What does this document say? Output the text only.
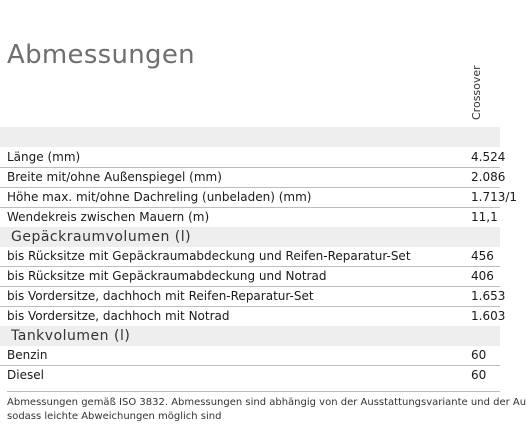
Abmessungen
Crossover
Länge (mm)	4.524
Breite mit/ohne Außenspiegel (mm)	2.086
Höhe max. mit/ohne Dachreling (unbeladen) (mm)	1.713/1
Wendekreis zwischen Mauern (m)	11,1
Gepäckraumvolumen (l)
bis Rücksitze mit Gepäckraumabdeckung und Reifen-Reparatur-Set	456
bis Rücksitze mit Gepäckraumabdeckung und Notrad	406
bis Vordersitze, dachhoch mit Reifen-Reparatur-Set	1.653
bis Vordersitze, dachhoch mit Notrad	1.603
Tankvolumen (l)
Benzin	60
Diesel	60
Abmessungen gemäß ISO 3832. Abmessungen sind abhängig von der Ausstattungsvariante und der Au
sodass leichte Abweichungen möglich sind
